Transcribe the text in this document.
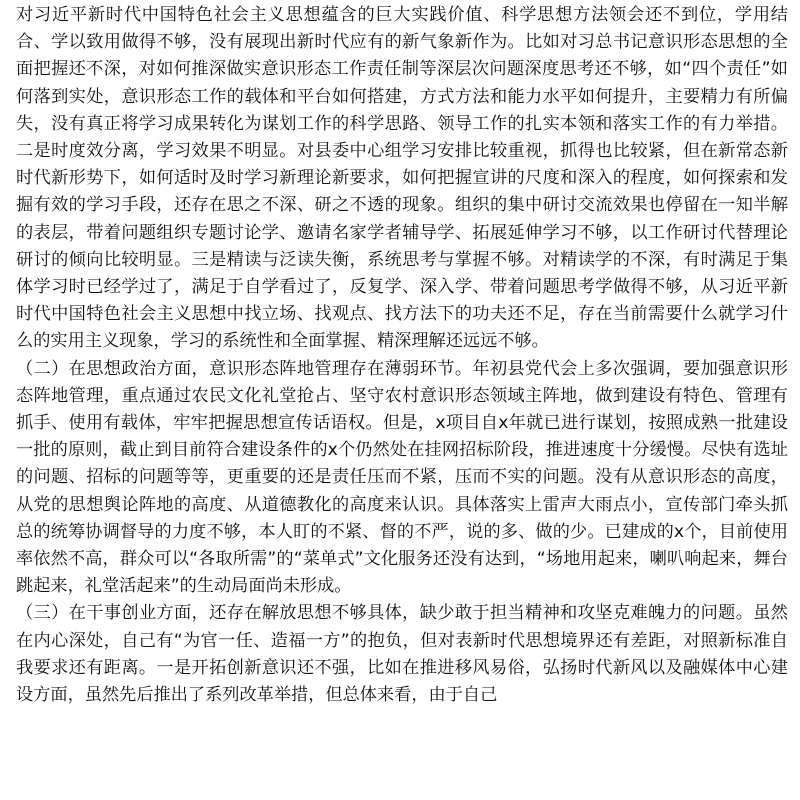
对习近平新时代中国特色社会主义思想蕴含的巨大实践价值、科学思想方法领会还不到位，学用结合、学以致用做得不够，没有展现出新时代应有的新气象新作为。比如对习总书记意识形态思想的全面把握还不深，对如何推深做实意识形态工作责任制等深层次问题深度思考还不够，如“四个责任”如何落到实处，意识形态工作的载体和平台如何搭建，方式方法和能力水平如何提升，主要精力有所偏失，没有真正将学习成果转化为谋划工作的科学思路、领导工作的扎实本领和落实工作的有力举措。二是时度效分离，学习效果不明显。对县委中心组学习安排比较重视，抓得也比较紧，但在新常态新时代新形势下，如何适时及时学习新理论新要求，如何把握宣讲的尺度和深入的程度，如何探索和发掘有效的学习手段，还存在思之不深、研之不透的现象。组织的集中研讨交流效果也停留在一知半解的表层，带着问题组织专题讨论学、邀请名家学者辅导学、拓展延伸学习不够，以工作研讨代替理论研讨的倾向比较明显。三是精读与泛读失衡，系统思考与掌握不够。对精读学的不深，有时满足于集体学习时已经学过了，满足于自学看过了，反复学、深入学、带着问题思考学做得不够，从习近平新时代中国特色社会主义思想中找立场、找观点、找方法下的功夫还不足，存在当前需要什么就学习什么的实用主义现象，学习的系统性和全面掌握、精深理解还远远不够。

（二）在思想政治方面，意识形态阵地管理存在薄弱环节。年初县党代会上多次强调，要加强意识形态阵地管理，重点通过农民文化礼堂抢占、坚守农村意识形态领域主阵地，做到建设有特色、管理有抓手、使用有载体，牢牢把握思想宣传话语权。但是，x项目自x年就已进行谋划，按照成熟一批建设一批的原则，截止到目前符合建设条件的x个仍然处在挂网招标阶段，推进速度十分缓慢。尽快有选址的问题、招标的问题等等，更重要的还是责任压而不紧，压而不实的问题。没有从意识形态的高度，从党的思想舆论阵地的高度、从道德教化的高度来认识。具体落实上雷声大雨点小，宣传部门牵头抓总的统筹协调督导的力度不够，本人盯的不紧、督的不严，说的多、做的少。已建成的x个，目前使用率依然不高，群众可以“各取所需”的“菜单式”文化服务还没有达到，“场地用起来，喇叭响起来，舞台跳起来，礼堂活起来”的生动局面尚未形成。

（三）在干事创业方面，还存在解放思想不够具体，缺少敢于担当精神和攻坚克难魄力的问题。虽然在内心深处，自己有“为官一任、造福一方”的抱负，但对表新时代思想境界还有差距，对照新标准自我要求还有距离。一是开拓创新意识还不强，比如在推进移风易俗，弘扬时代新风以及融媒体中心建设方面，虽然先后推出了系列改革举措，但总体来看，由于自己
